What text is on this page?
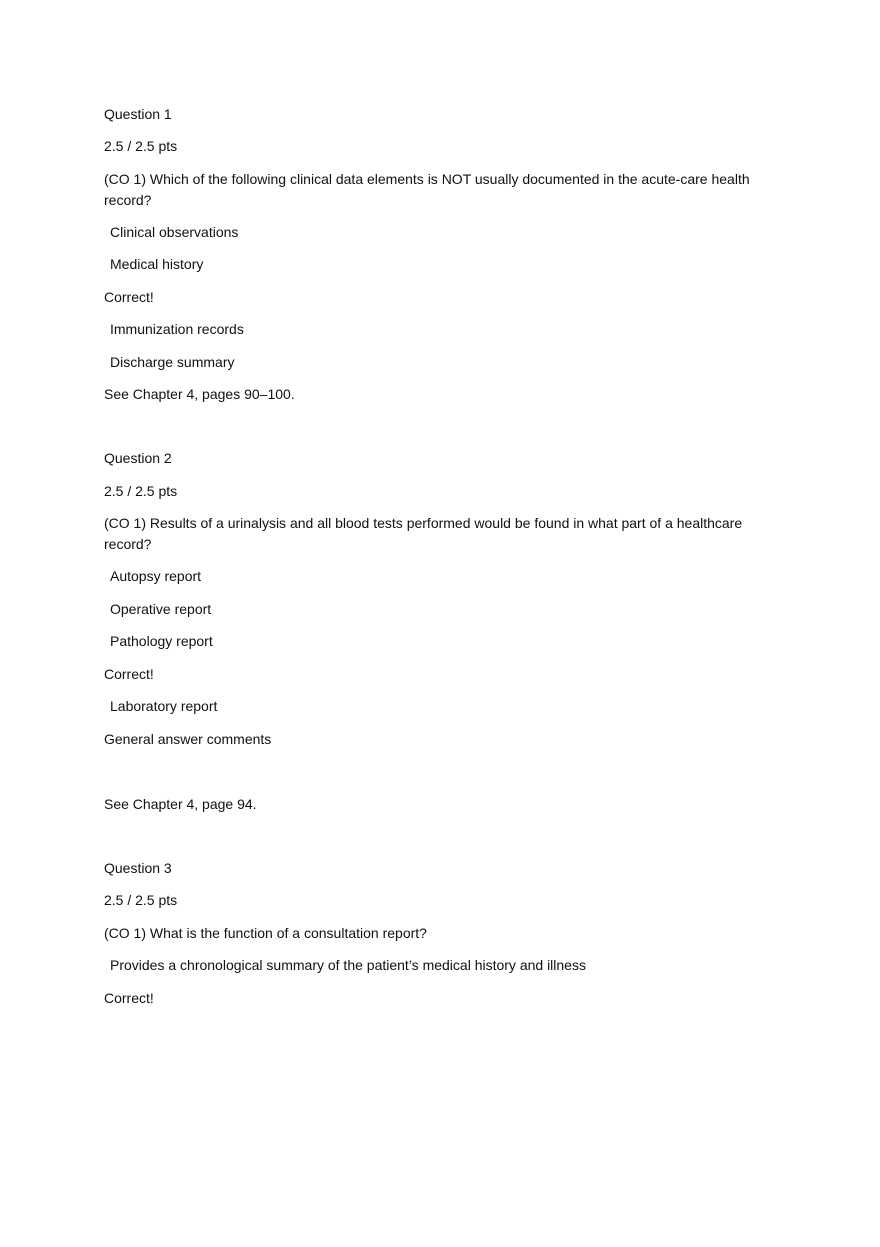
Question 1
2.5 / 2.5 pts
(CO 1) Which of the following clinical data elements is NOT usually documented in the acute-care health record?
Clinical observations
Medical history
Correct!
Immunization records
Discharge summary
See Chapter 4, pages 90–100.
Question 2
2.5 / 2.5 pts
(CO 1) Results of a urinalysis and all blood tests performed would be found in what part of a healthcare record?
Autopsy report
Operative report
Pathology report
Correct!
Laboratory report
General answer comments
See Chapter 4, page 94.
Question 3
2.5 / 2.5 pts
(CO 1) What is the function of a consultation report?
Provides a chronological summary of the patient’s medical history and illness
Correct!
